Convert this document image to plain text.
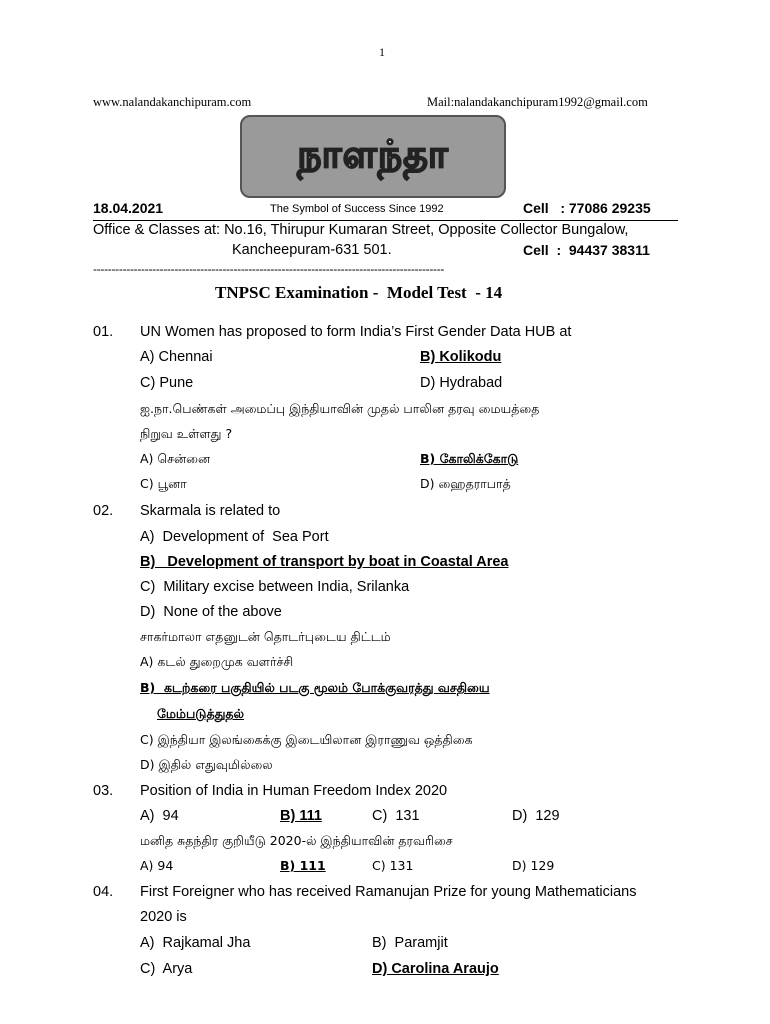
1
www.nalandakanchipuram.com	Mail:nalandakanchipuram1992@gmail.com
நாளந்தா
18.04.2021	The Symbol of Success Since 1992	Cell   : 77086 29235
Office & Classes at: No.16, Thirupur Kumaran Street, Opposite Collector Bungalow,
Kancheepuram-631 501.	Cell  :  94437 38311
-----------------------------------------------------------------------------------------------
TNPSC Examination -  Model Test  - 14
01. UN Women has proposed to form India’s First Gender Data HUB at
A) Chennai	B) Kolikodu
C) Pune	D) Hydrabad
ஐ.நா.பெண்கள் அமைப்பு இந்தியாவின் முதல் பாலின தரவு மையத்தை
நிறுவ உள்ளது ?
A) சென்னை	B) கோலிக்கோடு
C) பூனா	D) ஹைதராபாத்
02. Skarmala is related to
A)  Development of  Sea Port
B)   Development of transport by boat in Coastal Area
C)  Military excise between India, Srilanka
D)  None of the above
சாகர்மாலா எதனுடன் தொடர்புடைய திட்டம்
A) கடல் துறைமுக வளர்ச்சி
B)  கடற்கரை பகுதியில் படகு மூலம் போக்குவரத்து வசதியை
மேம்படுத்துதல்
C) இந்தியா இலங்கைக்கு இடையிலான இராணுவ ஒத்திகை
D) இதில் எதுவுமில்லை
03. Position of India in Human Freedom Index 2020
A)  94	B) 111	C)  131	D)  129
மனித சுதந்திர குறியீடு 2020-ல் இந்தியாவின் தரவரிசை
A) 94	B) 111	C) 131	D) 129
04. First Foreigner who has received Ramanujan Prize for young Mathematicians
2020 is
A)  Rajkamal Jha	B)  Paramjit
C)  Arya	D) Carolina Araujo
